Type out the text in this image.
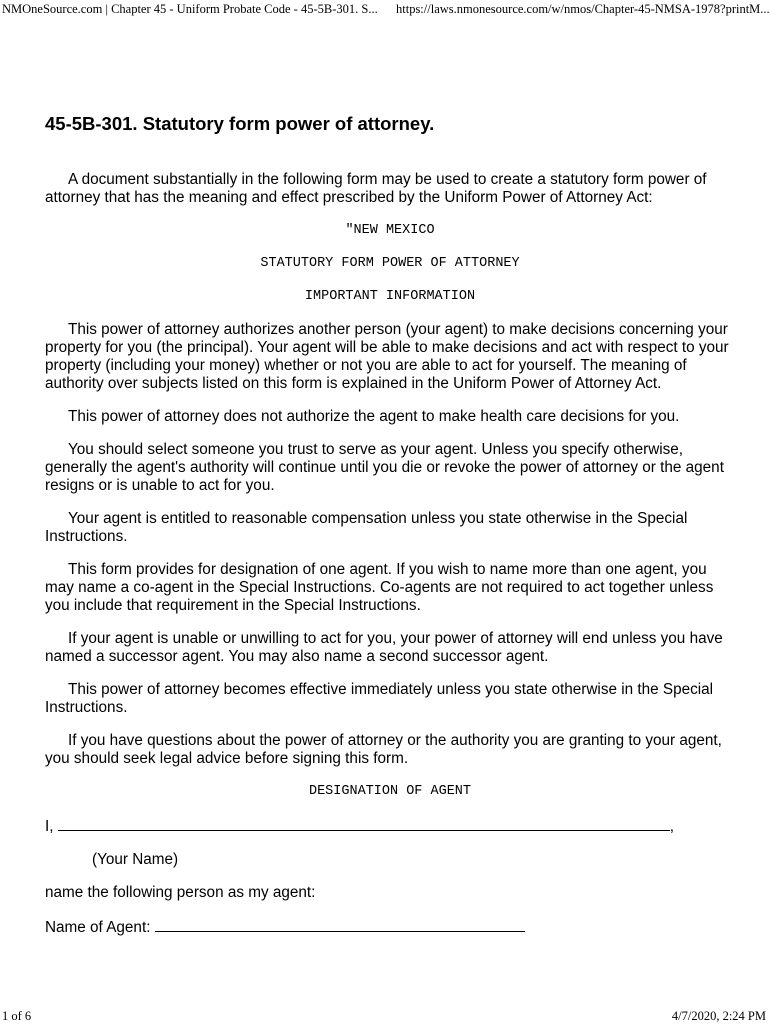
NMOneSource.com | Chapter 45 - Uniform Probate Code - 45-5B-301. S... https://laws.nmonesource.com/w/nmos/Chapter-45-NMSA-1978?printM...
45-5B-301. Statutory form power of attorney.

A document substantially in the following form may be used to create a statutory form power of attorney that has the meaning and effect prescribed by the Uniform Power of Attorney Act:

"NEW MEXICO
STATUTORY FORM POWER OF ATTORNEY
IMPORTANT INFORMATION

This power of attorney authorizes another person (your agent) to make decisions concerning your property for you (the principal). Your agent will be able to make decisions and act with respect to your property (including your money) whether or not you are able to act for yourself. The meaning of authority over subjects listed on this form is explained in the Uniform Power of Attorney Act.

This power of attorney does not authorize the agent to make health care decisions for you.

You should select someone you trust to serve as your agent. Unless you specify otherwise, generally the agent's authority will continue until you die or revoke the power of attorney or the agent resigns or is unable to act for you.

Your agent is entitled to reasonable compensation unless you state otherwise in the Special Instructions.

This form provides for designation of one agent. If you wish to name more than one agent, you may name a co-agent in the Special Instructions. Co-agents are not required to act together unless you include that requirement in the Special Instructions.

If your agent is unable or unwilling to act for you, your power of attorney will end unless you have named a successor agent. You may also name a second successor agent.

This power of attorney becomes effective immediately unless you state otherwise in the Special Instructions.

If you have questions about the power of attorney or the authority you are granting to your agent, you should seek legal advice before signing this form.

DESIGNATION OF AGENT
I,	,
(Your Name)
name the following person as my agent:
Name of Agent:
1 of 6	4/7/2020, 2:24 PM
